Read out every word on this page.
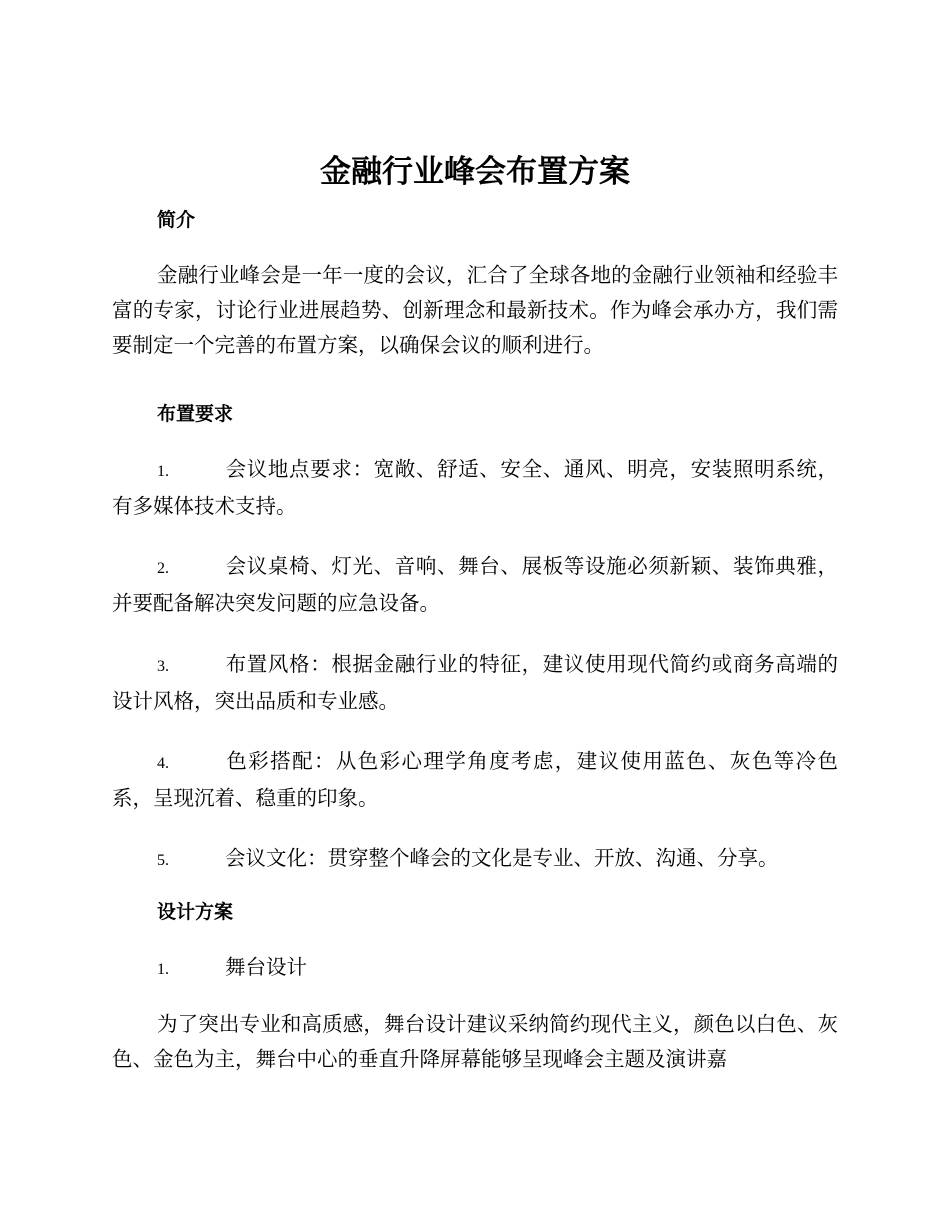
金融行业峰会布置方案
简介

金融行业峰会是一年一度的会议，汇合了全球各地的金融行业领袖和经验丰富的专家，讨论行业进展趋势、创新理念和最新技术。作为峰会承办方，我们需要制定一个完善的布置方案，以确保会议的顺利进行。

布置要求
1.	会议地点要求：宽敞、舒适、安全、通风、明亮，安装照明系统，有多媒体技术支持。
2.	会议桌椅、灯光、音响、舞台、展板等设施必须新颖、装饰典雅，并要配备解决突发问题的应急设备。
3.	布置风格：根据金融行业的特征，建议使用现代简约或商务高端的设计风格，突出品质和专业感。
4.	色彩搭配：从色彩心理学角度考虑，建议使用蓝色、灰色等冷色系，呈现沉着、稳重的印象。
5.	会议文化：贯穿整个峰会的文化是专业、开放、沟通、分享。
设计方案
1.	舞台设计

为了突出专业和高质感，舞台设计建议采纳简约现代主义，颜色以白色、灰色、金色为主，舞台中心的垂直升降屏幕能够呈现峰会主题及演讲嘉
